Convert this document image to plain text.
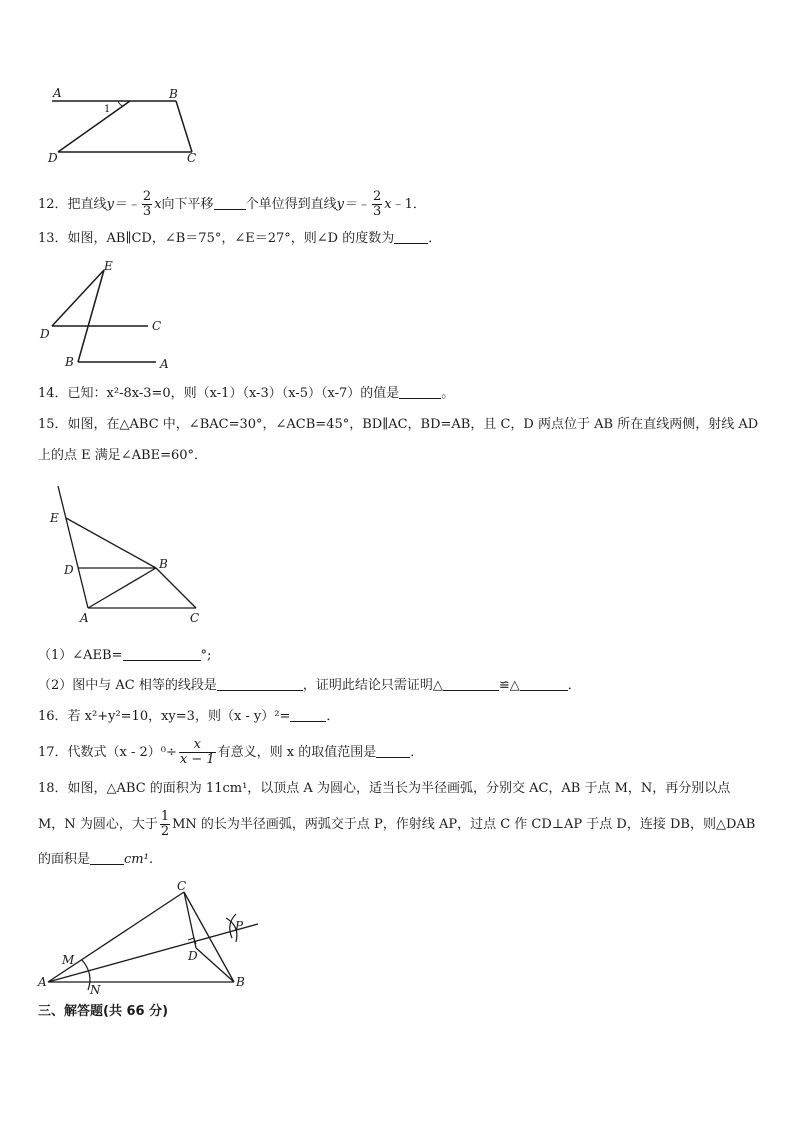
A	B
D	C
1
12．把直线y＝﹣ $\frac{2}{3}$ x向下平移 个单位得到直线y＝﹣ $\frac{2}{3}$ x﹣1．
13．如图，AB∥CD，∠B＝75°，∠E＝27°，则∠D 的度数为	．
E
D
C
B	A
14．已知：x²-8x-3=0，则（x-1）（x-3）（x-5）（x-7）的值是	。
15．如图，在△ABC 中，∠BAC=30°，∠ACB=45°，BD∥AC，BD=AB，且 C，D 两点位于 AB 所在直线两侧，射线 AD
上的点 E 满足∠ABE=60°．
E
D	B
A	C
（1）∠AEB=	°;
（2）图中与 AC 相等的线段是	，证明此结论只需证明△	≌△	．
16．若 x²+y²=10，xy=3，则（x - y）²=	．
17．代数式$(x - 2)^0\div \frac{x}{x - 1}$ 有意义，则 x 的取值范围是	．
18．如图，△ABC 的面积为 11cm¹，以顶点 A 为圆心，适当长为半径画弧，分别交 AC，AB 于点 M，N，再分别以点
M，N 为圆心，大于 $\frac{1}{2}$ MN 的长为半径画弧，两弧交于点 P，作射线 AP，过点 C 作 CD⊥AP 于点 D，连接 DB，则△DAB
的面积是	cm¹．
C
P
M	D
A
N
B
三、解答题(共 66 分)
